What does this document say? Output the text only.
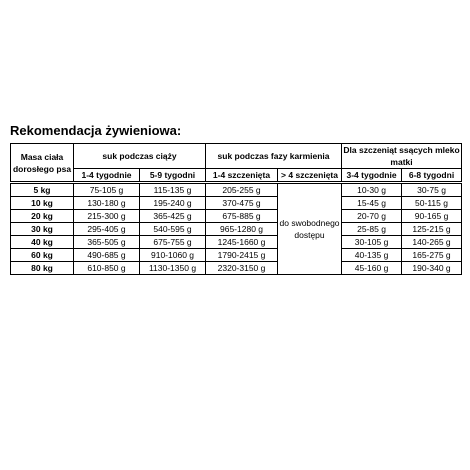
Rekomendacja żywieniowa:
Masa ciała dorosłego psa	suk podczas ciąży		suk podczas fazy karmienia		Dla szczeniąt ssących mleko matki	
	1-4 tygodnie	5-9 tygodni	1-4 szczenięta	> 4 szczenięta	3-4 tygodnie	6-8 tygodni
5 kg	75-105 g	115-135 g	205-255 g	do swobodnego dostępu	10-30 g	30-75 g
10 kg	130-180 g	195-240 g	370-475 g		15-45 g	50-115 g
20 kg	215-300 g	365-425 g	675-885 g		20-70 g	90-165 g
30 kg	295-405 g	540-595 g	965-1280 g		25-85 g	125-215 g
40 kg	365-505 g	675-755 g	1245-1660 g		30-105 g	140-265 g
60 kg	490-685 g	910-1060 g	1790-2415 g		40-135 g	165-275 g
80 kg	610-850 g	1130-1350 g	2320-3150 g		45-160 g	190-340 g
